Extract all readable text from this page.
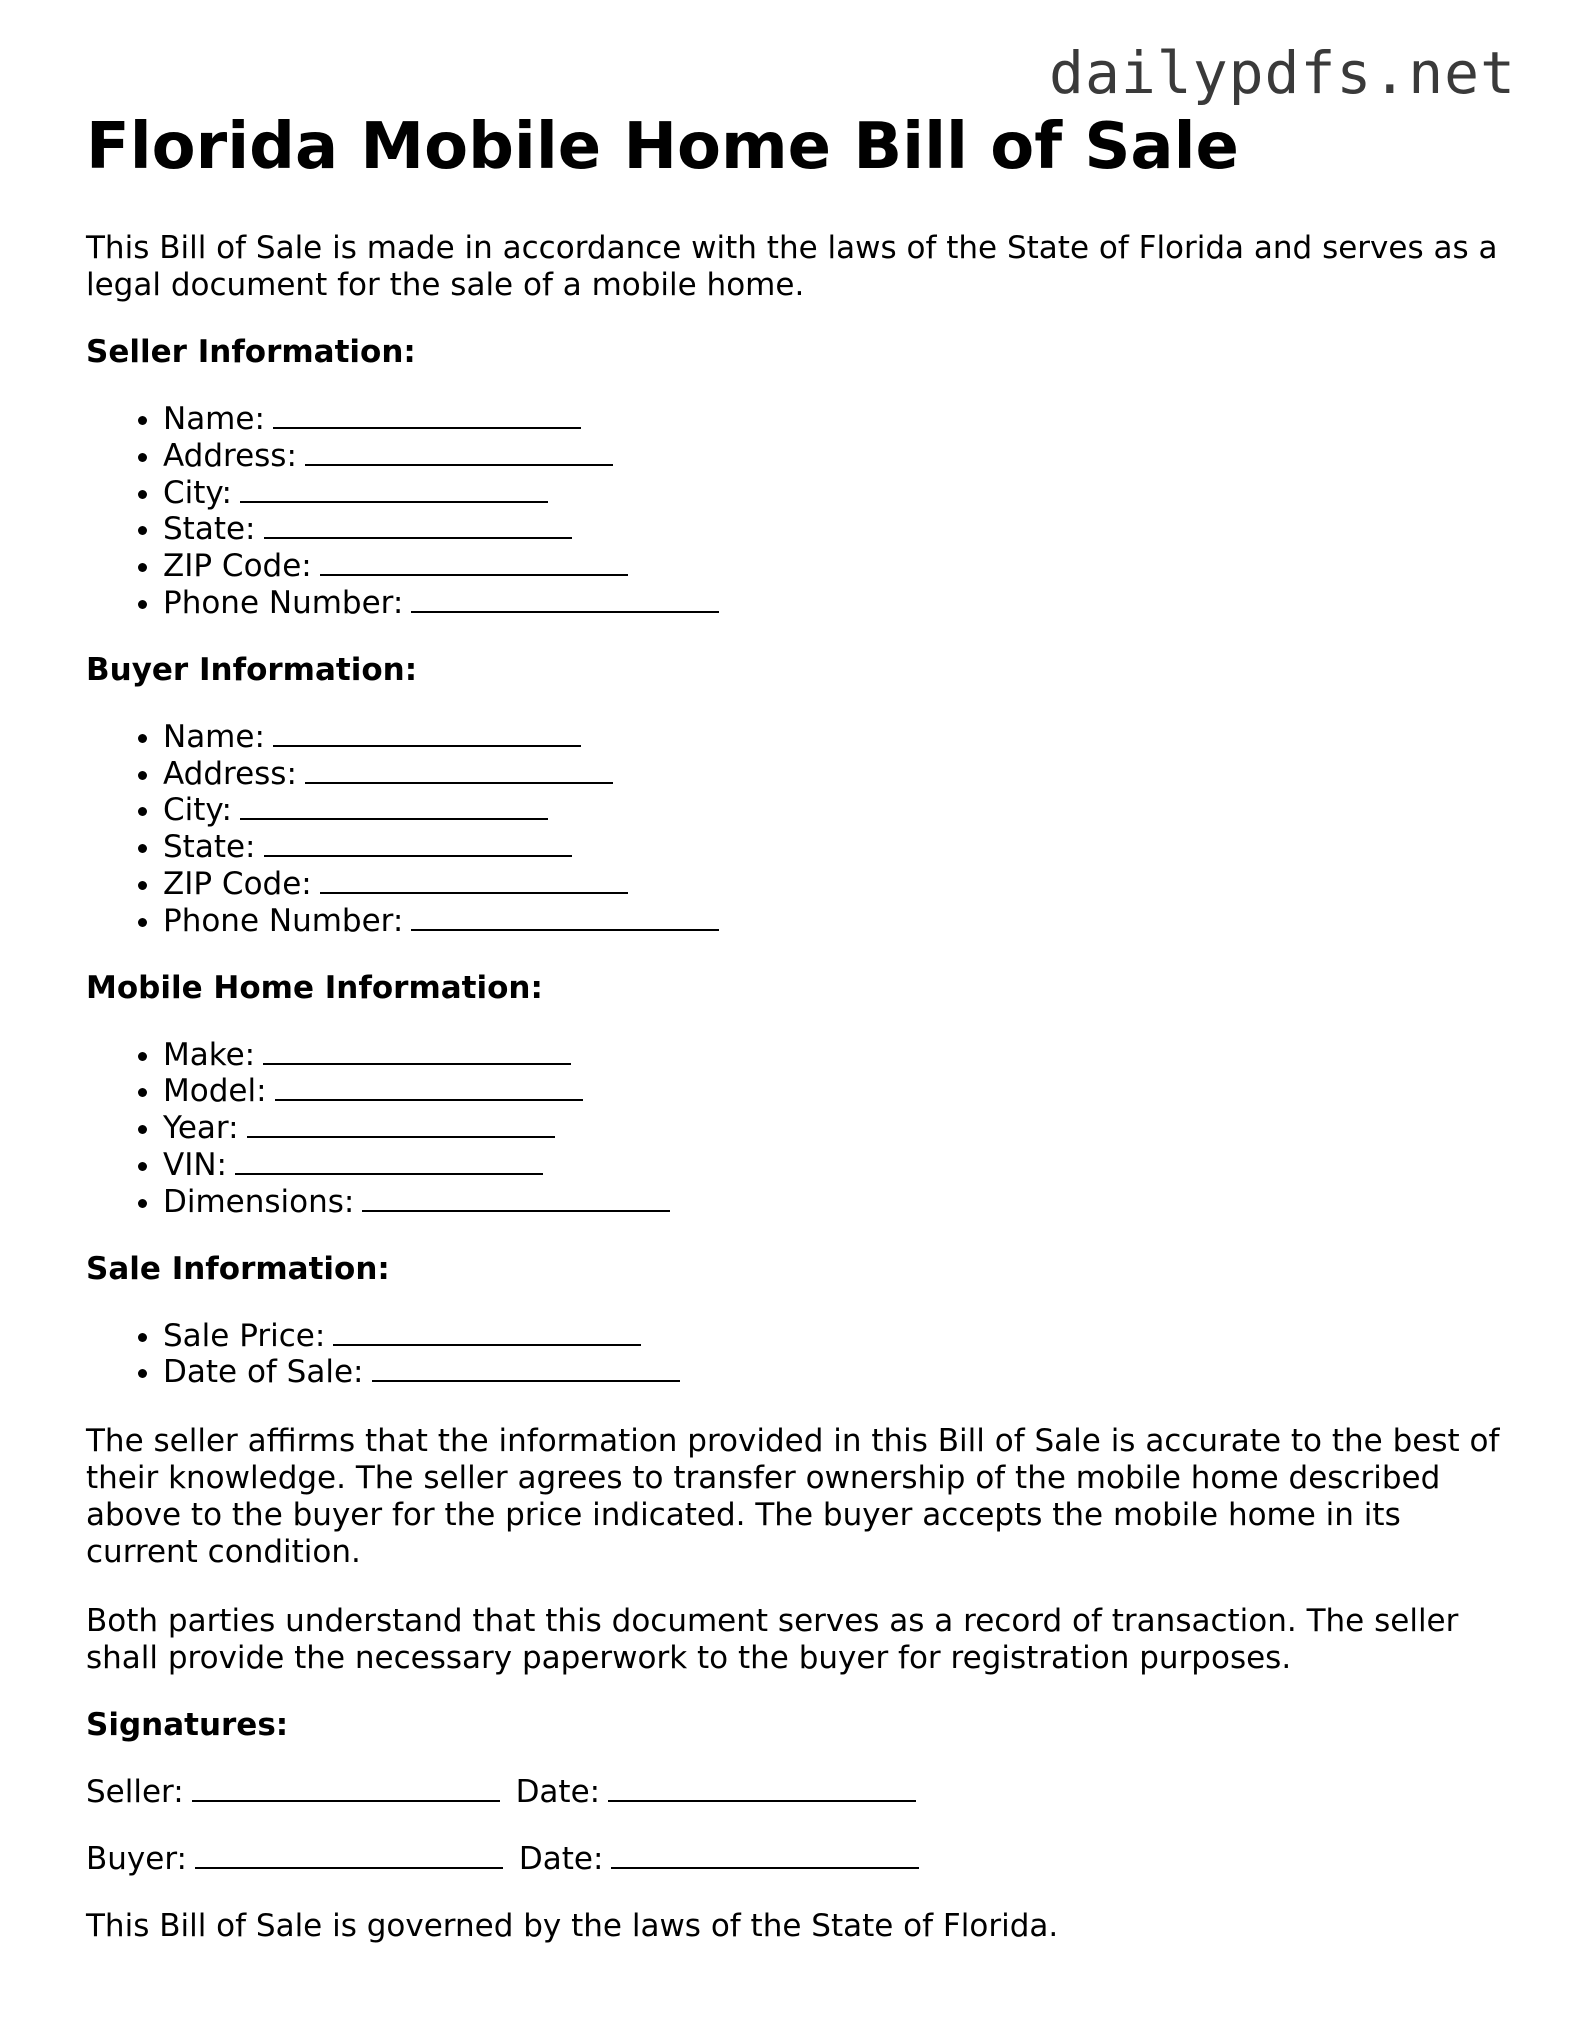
dailypdfs.net
Florida Mobile Home Bill of Sale

This Bill of Sale is made in accordance with the laws of the State of Florida and serves as a legal document for the sale of a mobile home.

Seller Information:
• Name:
• Address:
• City:
• State:
• ZIP Code:
• Phone Number:
Buyer Information:
• Name:
• Address:
• City:
• State:
• ZIP Code:
• Phone Number:
Mobile Home Information:
• Make:
• Model:
• Year:
• VIN:
• Dimensions:
Sale Information:
• Sale Price:
• Date of Sale:

The seller affirms that the information provided in this Bill of Sale is accurate to the best of their knowledge. The seller agrees to transfer ownership of the mobile home described above to the buyer for the price indicated. The buyer accepts the mobile home in its current condition.

Both parties understand that this document serves as a record of transaction. The seller shall provide the necessary paperwork to the buyer for registration purposes.

Signatures:

Seller:	Date:

Buyer:	Date:

This Bill of Sale is governed by the laws of the State of Florida.
